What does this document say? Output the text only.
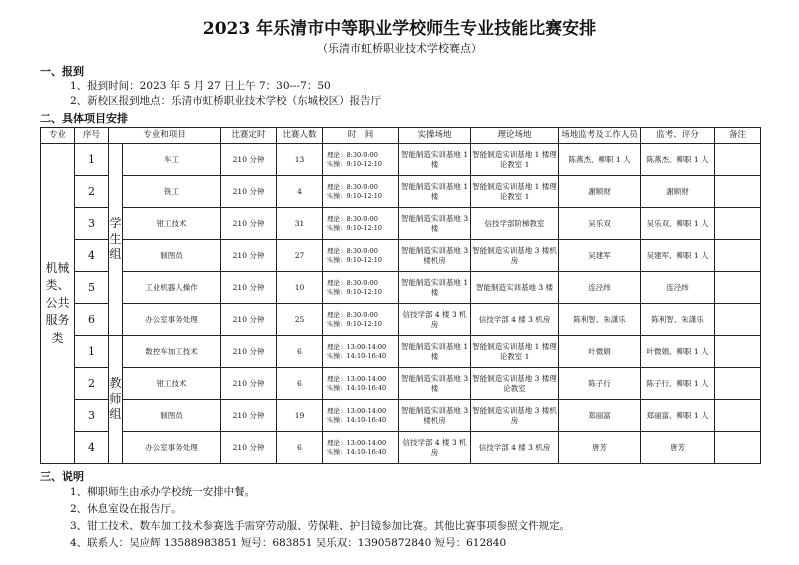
2023 年乐清市中等职业学校师生专业技能比赛安排
（乐清市虹桥职业技术学校赛点）
一、报到
1、报到时间：2023 年 5 月 27 日上午 7：30---7：50
2、新校区报到地点：乐清市虹桥职业技术学校（东城校区）报告厅
二、具体项目安排
专业	序号	专业和项目		比赛定时	比赛人数	时　间	实操场地	理论场地	场地监考及工作人员	监考、评分	备注
机械类、公共服务类	1	学生组	车工	210 分钟	13	理论：8:30-9:00
实操：9:10-12:10	智能制造实训基地 1 楼	智能制造实训基地 1 楼理论教室 1	陈燕杰、柳职 1 人	陈燕杰、柳职 1 人	
	2		铣工	210 分钟	4	理论：8:30-9:00
实操：9:10-12:10	智能制造实训基地 1 楼	智能制造实训基地 1 楼理论教室 1	謝顺财	謝顺财	
	3		钳工技术	210 分钟	31	理论：8:30-9:00
实操：9:10-12:10	智能制造实训基地 3 楼	信技学部阶梯教室	吴乐双	吴乐双、柳职 1 人	
	4		制图员	210 分钟	27	理论：8:30-9:00
实操：9:10-12:10	智能制造实训基地 3 楼机房	智能制造实训基地 3 楼机房	吴建军	吴建军、柳职 1 人	
	5		工业机器人操作	210 分钟	10	理论：8:30-9:00
实操：9:10-12:10	智能制造实训基地 1 楼	智能制造实训基地 3 楼	连泾纬	连泾纬	
	6		办公室事务处理	210 分钟	25	理论：8:30-9:00
实操：9:10-12:10	信技学部 4 楼 3 机房	信技学部 4 楼 3 机房	陈利智、朱潇乐	陈利智、朱潇乐	
	1	教师组	数控车加工技术	210 分钟	6	理论：13:00-14:00
实操：14:10-16:40	智能制造实训基地 1 楼	智能制造实训基地 1 楼理论教室 1	叶微娟	叶微娟、柳职 1 人	
	2		钳工技术	210 分钟	6	理论：13:00-14:00
实操：14:10-16:40	智能制造实训基地 3 楼	智能制造实训基地 3 楼理论教室	陈子行	陈子行、柳职 1 人	
	3		制图员	210 分钟	19	理论：13:00-14:00
实操：14:10-16:40	智能制造实训基地 3 楼机房	智能制造实训基地 3 楼机房	郑丽富	郑丽富、柳职 1 人	
	4		办公室事务处理	210 分钟	6	理论：13:00-14:00
实操：14:10-16:40	信技学部 4 楼 3 机房	信技学部 4 楼 3 机房	唐芳	唐芳	
三、说明
1、柳职师生由承办学校统一安排中餐。
2、休息室设在报告厅。
3、钳工技术、数车加工技术参赛选手需穿劳动服、劳保鞋、护目镜参加比赛。其他比赛事项参照文件规定。
4、联系人：吴应辉 13588983851 短号：683851 吴乐双：13905872840 短号：612840
